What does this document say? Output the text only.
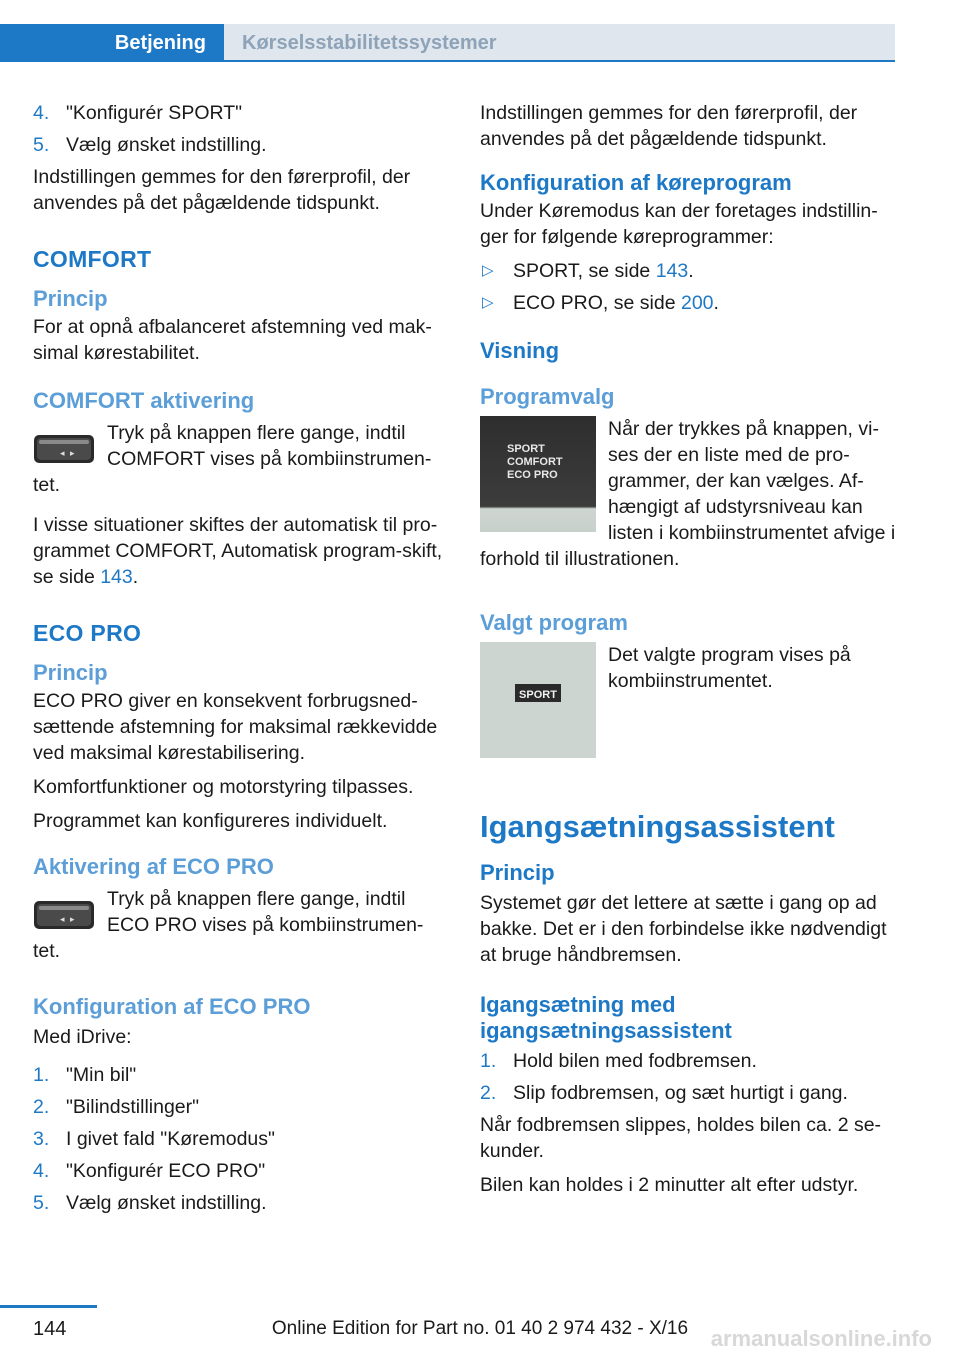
Betjening	Kørselsstabilitetssystemer
4. "Konfigurér SPORT"
5. Vælg ønsket indstilling.

Indstillingen gemmes for den førerprofil, der anvendes på det pågældende tidspunkt.

COMFORT
Princip

For at opnå afbalanceret afstemning ved mak-simal kørestabilitet.

COMFORT aktivering
◂ ▸
Tryk på knappen flere gange, indtil COMFORT vises på kombiinstrumen-
tet.

I visse situationer skiftes der automatisk til pro-grammet COMFORT, Automatisk program-skift, se side 143.

ECO PRO
Princip

ECO PRO giver en konsekvent forbrugsned-sættende afstemning for maksimal rækkevidde ved maksimal kørestabilisering.

Komfortfunktioner og motorstyring tilpasses.

Programmet kan konfigureres individuelt.

Aktivering af ECO PRO
◂ ▸
Tryk på knappen flere gange, indtil ECO PRO vises på kombiinstrumen-
tet.
Konfiguration af ECO PRO

Med iDrive:

1. "Min bil"
2. "Bilindstillinger"
3. I givet fald "Køremodus"
4. "Konfigurér ECO PRO"
5. Vælg ønsket indstilling.

Indstillingen gemmes for den førerprofil, der anvendes på det pågældende tidspunkt.

Konfiguration af køreprogram

Under Køremodus kan der foretages indstillin-ger for følgende køreprogrammer:

▷ SPORT, se side 143.
▷ ECO PRO, se side 200.
Visning
Programvalg
SPORT
COMFORT
ECO PRO
Når der trykkes på knappen, vi-ses der en liste med de pro-grammer, der kan vælges. Af-hængigt af udstyrsniveau kan listen i kombiinstrumentet afvige i forhold til illustrationen.
Valgt program
SPORT
Det valgte program vises på kombiinstrumentet.
Igangsætningsassistent
Princip

Systemet gør det lettere at sætte i gang op ad bakke. Det er i den forbindelse ikke nødvendigt at bruge håndbremsen.

Igangsætning med igangsætningsassistent
1. Hold bilen med fodbremsen.
2. Slip fodbremsen, og sæt hurtigt i gang.

Når fodbremsen slippes, holdes bilen ca. 2 se-kunder.

Bilen kan holdes i 2 minutter alt efter udstyr.

144	Online Edition for Part no. 01 40 2 974 432 - X/16	armanualsonline.info
